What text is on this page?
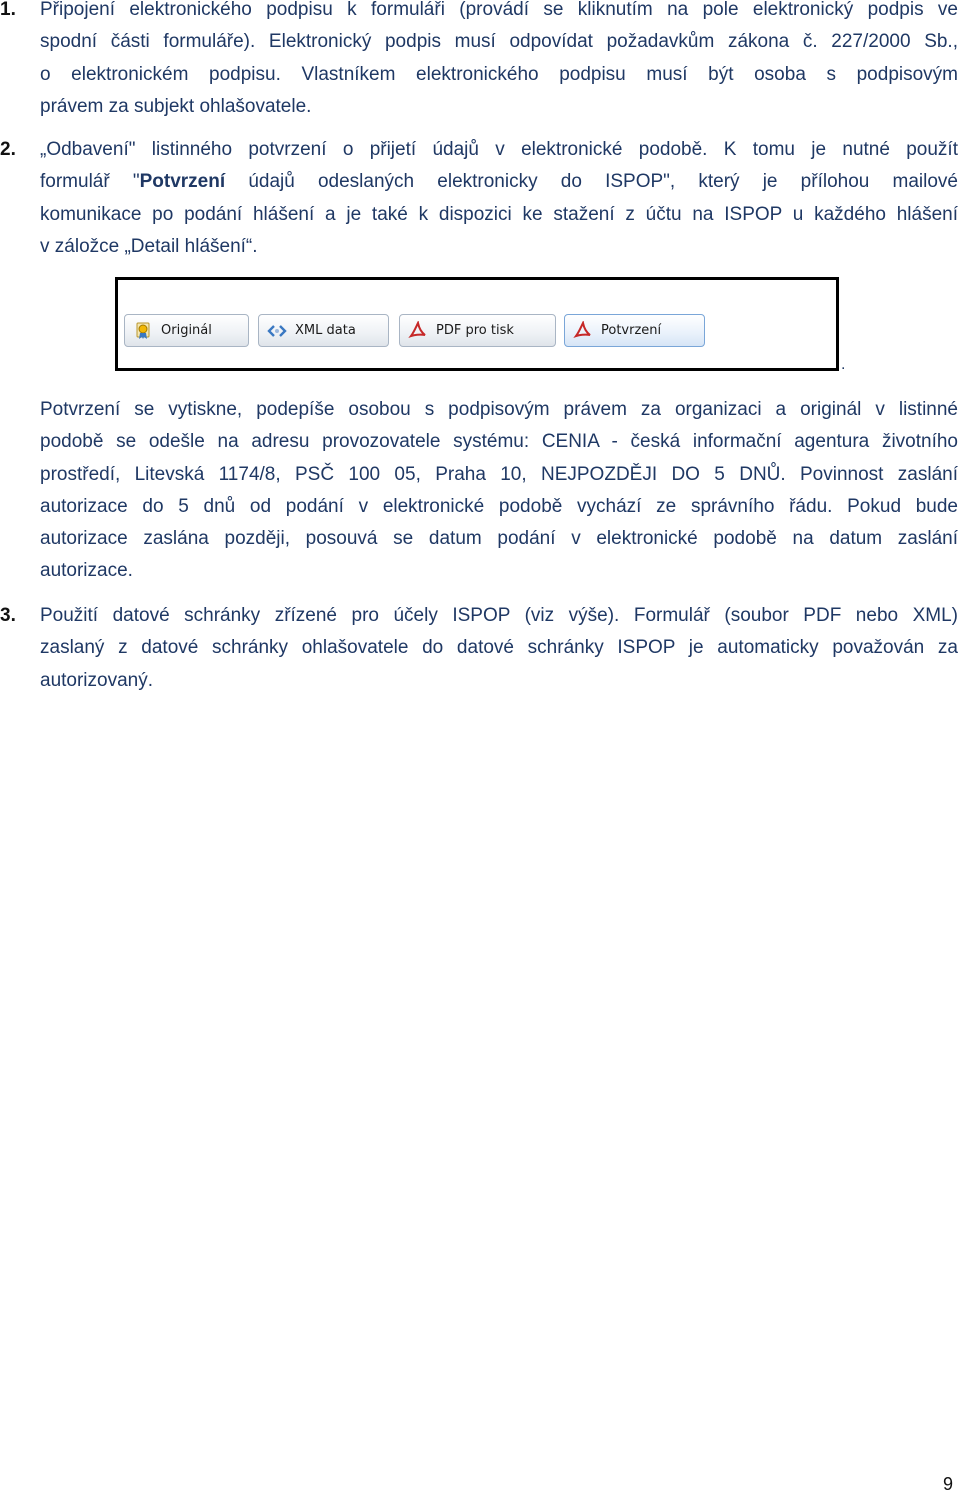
1.	Připojení elektronického podpisu k formuláři (provádí se kliknutím na pole elektronický podpis ve
spodní části formuláře). Elektronický podpis musí odpovídat požadavkům zákona č. 227/2000 Sb.,
o elektronickém podpisu. Vlastníkem elektronického podpisu musí být osoba s podpisovým
právem za subjekt ohlašovatele.
2.	„Odbavení" listinného potvrzení o přijetí údajů v elektronické podobě. K tomu je nutné použít
formulář "Potvrzení údajů odeslaných elektronicky do ISPOP", který je přílohou mailové
komunikace po podání hlášení a je také k dispozici ke stažení z účtu na ISPOP u každého hlášení
v záložce „Detail hlášení“.
Originál	XML data	PDF pro tisk	Potvrzení
.
Potvrzení se vytiskne, podepíše osobou s podpisovým právem za organizaci a originál v listinné
podobě se odešle na adresu provozovatele systému: CENIA - česká informační agentura životního
prostředí, Litevská 1174/8, PSČ 100 05, Praha 10, NEJPOZDĚJI DO 5 DNŮ. Povinnost zaslání
autorizace do 5 dnů od podání v elektronické podobě vychází ze správního řádu. Pokud bude
autorizace zaslána později, posouvá se datum podání v elektronické podobě na datum zaslání
autorizace.
3.	Použití datové schránky zřízené pro účely ISPOP (viz výše). Formulář (soubor PDF nebo XML)
zaslaný z datové schránky ohlašovatele do datové schránky ISPOP je automaticky považován za
autorizovaný.
9
